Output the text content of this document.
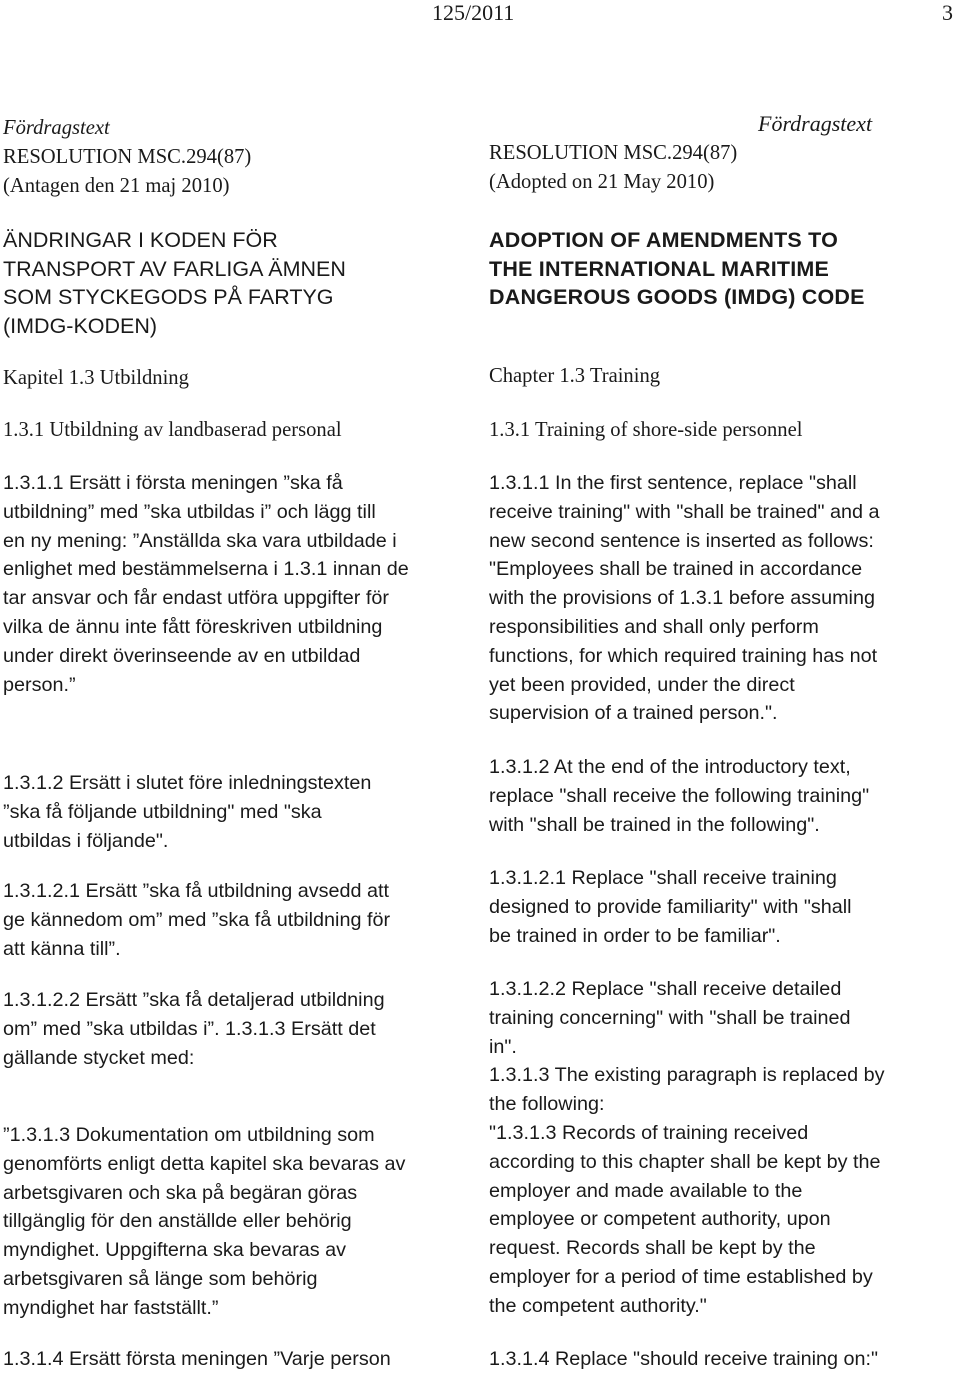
125/2011	3

Fördragstext

RESOLUTION MSC.294(87)

(Antagen den 21 maj 2010)

ÄNDRINGAR I KODEN FÖR
TRANSPORT AV FARLIGA ÄMNEN
SOM STYCKEGODS PÅ FARTYG
(IMDG-KODEN)

Kapitel 1.3 Utbildning

1.3.1 Utbildning av landbaserad personal

1.3.1.1 Ersätt i första meningen ”ska få
utbildning” med ”ska utbildas i” och lägg till
en ny mening: ”Anställda ska vara utbildade i
enlighet med bestämmelserna i 1.3.1 innan de
tar ansvar och får endast utföra uppgifter för
vilka de ännu inte fått föreskriven utbildning
under direkt överinseende av en utbildad
person.”

1.3.1.2 Ersätt i slutet före inledningstexten
”ska få följande utbildning" med "ska
utbildas i följande".

1.3.1.2.1 Ersätt ”ska få utbildning avsedd att
ge kännedom om” med ”ska få utbildning för
att känna till”.

1.3.1.2.2 Ersätt ”ska få detaljerad utbildning
om” med ”ska utbildas i”. 1.3.1.3 Ersätt det
gällande stycket med:

”1.3.1.3 Dokumentation om utbildning som
genomförts enligt detta kapitel ska bevaras av
arbetsgivaren och ska på begäran göras
tillgänglig för den anställde eller behörig
myndighet. Uppgifterna ska bevaras av
arbetsgivaren så länge som behörig
myndighet har fastställt.”

1.3.1.4 Ersätt första meningen ”Varje person

Fördragstext

RESOLUTION MSC.294(87)

(Adopted on 21 May 2010)

ADOPTION OF AMENDMENTS TO
THE INTERNATIONAL MARITIME
DANGEROUS GOODS (IMDG) CODE

Chapter 1.3 Training

1.3.1 Training of shore-side personnel

1.3.1.1 In the first sentence, replace "shall
receive training" with "shall be trained" and a
new second sentence is inserted as follows:
"Employees shall be trained in accordance
with the provisions of 1.3.1 before assuming
responsibilities and shall only perform
functions, for which required training has not
yet been provided, under the direct
supervision of a trained person.".

1.3.1.2 At the end of the introductory text,
replace "shall receive the following training"
with "shall be trained in the following".

1.3.1.2.1 Replace "shall receive training
designed to provide familiarity" with "shall
be trained in order to be familiar".

1.3.1.2.2 Replace "shall receive detailed
training concerning" with "shall be trained
in".
1.3.1.3 The existing paragraph is replaced by
the following:
"1.3.1.3 Records of training received
according to this chapter shall be kept by the
employer and made available to the
employee or competent authority, upon
request. Records shall be kept by the
employer for a period of time established by
the competent authority."

1.3.1.4 Replace "should receive training on:"
